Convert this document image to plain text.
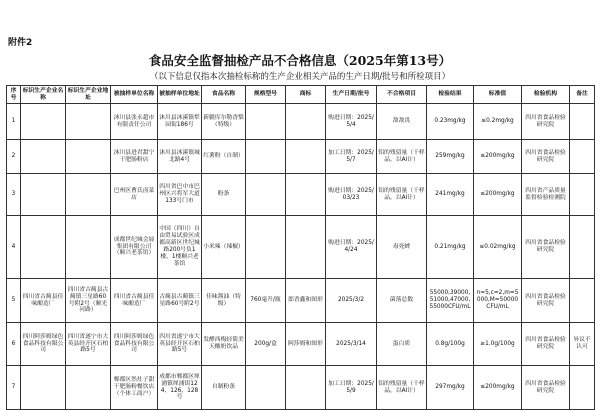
附件2
食品安全监督抽检产品不合格信息（2025年第13号）
（以下信息仅指本次抽检标称的生产企业相关产品的生产日期/批号和所检项目）
序号	标识生产企业名称	标识生产企业地址	被抽样单位名称	被抽样单位地址	食品名称	规格型号	商标	生产日期/批号	不合格项目	检验结果	标准值	检验机构	备注
1			沐川县张永超市有限责任公司	沐川县沐溪镇犁园街186号	新疆库尔勒香梨（特级）			购进日期：2025/5/4	敌敌畏	0.23mg/kg	≤0.2mg/kg	四川省食品检验研究院	
2			沐川县进君甜宁干肥肠粉店	沐川县沐溪镇城北路4号	红薯粉（自制）			加工日期：2025/5/7	铝的残留量（干样品，以Al计）	259mg/kg	≤200mg/kg	四川省食品检验研究院	
3			巴州区曹氏卤菜店	四川省巴中市巴州区兴将军大道133号门市	粉条			购进日期：2025/03/23	铝的残留量（干样品，以Al计）	241mg/kg	≤200mg/kg	四川省产品质量监督检验检测院	
4			成都世纪城会展集团有限公司（顺兴老茶馆）	中国（四川）自由贸易试验区成都高新区世纪城路200号负1楼、1楼顺兴老茶馆	小米辣（辣椒）			购进日期：2025/4/24	毒死蜱	0.21mg/kg	≤0.02mg/kg	四川省食品检验研究院	
5	四川省古蔺县佳味酿造厂	四川省古蔺县古蔺镇三星路60号附2号（顺光河路）	四川省古蔺县佳味酿造厂	古蔺县古蔺镇三星路60号附2号	佳味酱油（特级）	760毫升/瓶	郎香鑫和图形	2025/3/2	菌落总数	55000,39000,51000,47000,55000CFU/mL	n=5,c=2,m=5000,M=50000CFU/mL	四川省食品检验研究院	
6	四川阿莎姆绿色食品科技有限公司	四川省遂宁市大英县经开区石柏路5号	四川阿莎姆绿色食品科技有限公司	四川省遂宁市大英县经开区石柏路5号	发酵西梅轻简美天酸奶饮品	200g/盒	阿莎姆和图形	2025/3/14	蛋白质	0.8g/100g	≥1.0g/100g	四川省食品检验研究院	异议不认可
7			郫都区然灶子甜干肥肠粉餐饮店（个体工商户）	成都市郫都区犀浦镇犀浦街124、126、128号	自制粉条			加工日期：2025/5/9	铝的残留量（干样品，以Al计）	297mg/kg	≤200mg/kg	四川省食品检验研究院	
